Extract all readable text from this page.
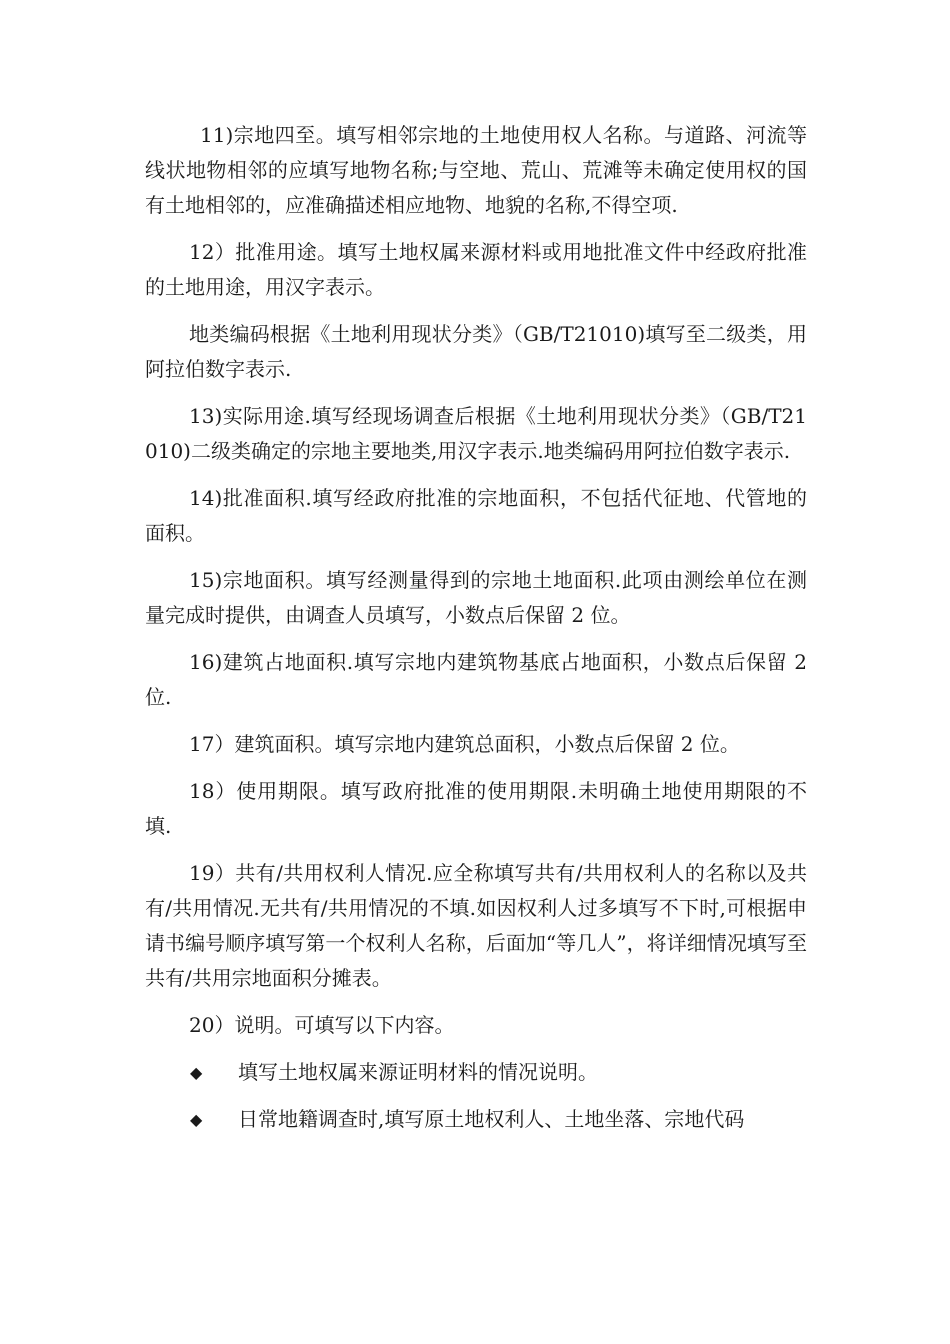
11)宗地四至。填写相邻宗地的土地使用权人名称。与道路、河流等线状地物相邻的应填写地物名称;与空地、荒山、荒滩等未确定使用权的国有土地相邻的，应准确描述相应地物、地貌的名称,不得空项.

12）批准用途。填写土地权属来源材料或用地批准文件中经政府批准的土地用途，用汉字表示。

地类编码根据《土地利用现状分类》（GB/T21010)填写至二级类，用阿拉伯数字表示.

13)实际用途.填写经现场调查后根据《土地利用现状分类》（GB/T21010)二级类确定的宗地主要地类,用汉字表示.地类编码用阿拉伯数字表示.

14)批准面积.填写经政府批准的宗地面积，不包括代征地、代管地的面积。

15)宗地面积。填写经测量得到的宗地土地面积.此项由测绘单位在测量完成时提供，由调查人员填写，小数点后保留 2 位。

16)建筑占地面积.填写宗地内建筑物基底占地面积，小数点后保留 2 位.

17）建筑面积。填写宗地内建筑总面积，小数点后保留 2 位。

18）使用期限。填写政府批准的使用期限.未明确土地使用期限的不填.

19）共有/共用权利人情况.应全称填写共有/共用权利人的名称以及共有/共用情况.无共有/共用情况的不填.如因权利人过多填写不下时,可根据申请书编号顺序填写第一个权利人名称，后面加“等几人”，将详细情况填写至共有/共用宗地面积分摊表。

20）说明。可填写以下内容。

◆ 填写土地权属来源证明材料的情况说明。
◆ 日常地籍调查时,填写原土地权利人、土地坐落、宗地代码
